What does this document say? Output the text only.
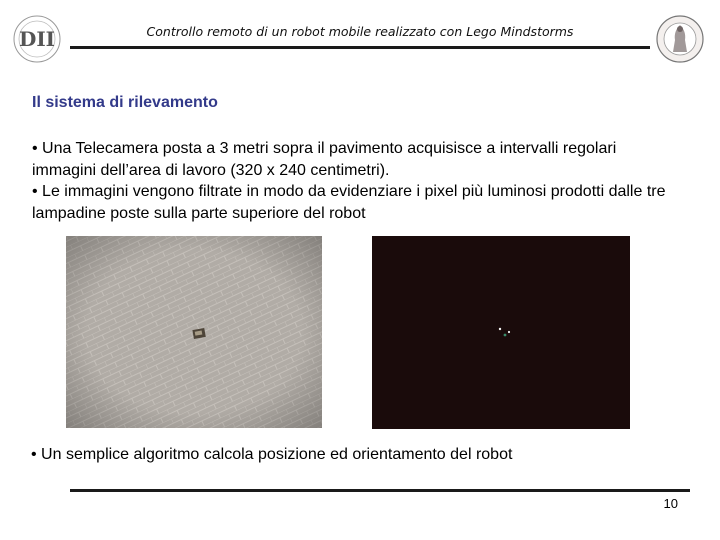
DII	Controllo remoto di un robot mobile realizzato con Lego Mindstorms
Il sistema di rilevamento

• Una Telecamera posta a 3 metri sopra il pavimento acquisisce a intervalli regolari immagini dell’area di lavoro (320 x 240 centimetri).

• Le immagini vengono filtrate in modo da evidenziare i pixel più luminosi prodotti dalle tre lampadine poste sulla parte superiore del robot

• Un semplice algoritmo calcola posizione ed orientamento del robot
10
